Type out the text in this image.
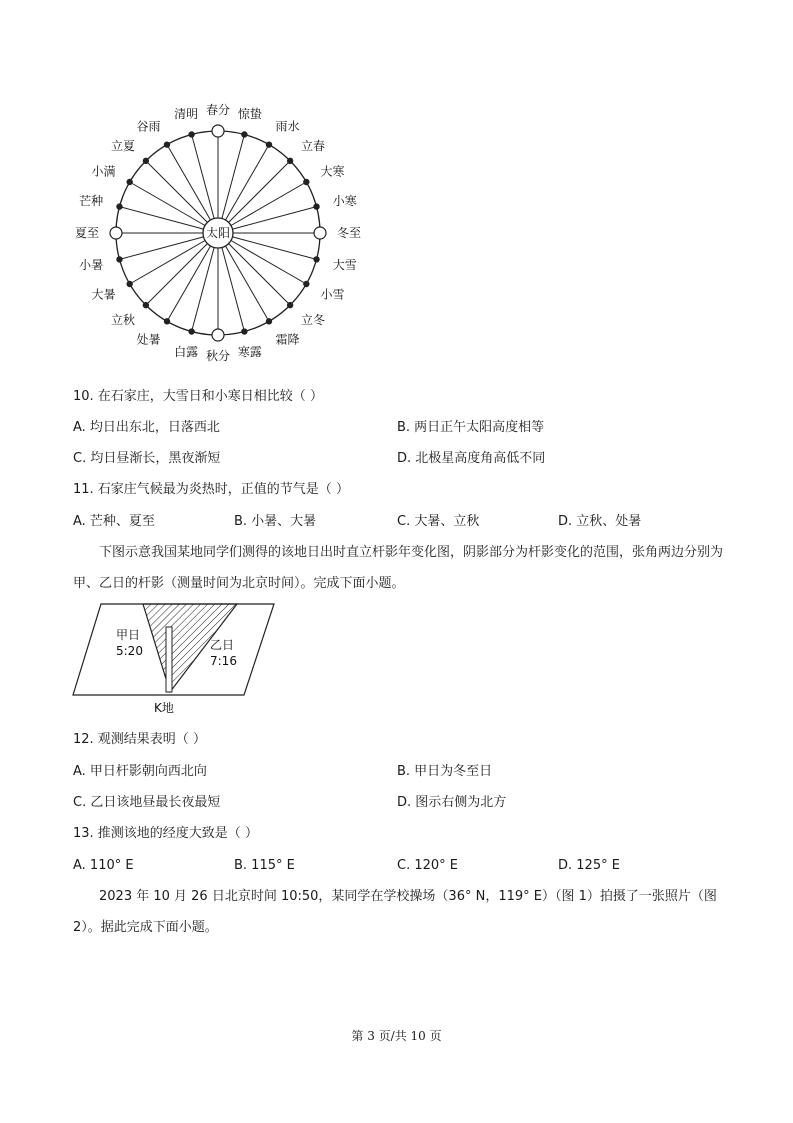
太阳	冬至
小寒
大寒
立春
雨水
惊蛰
春分
清明
谷雨
立夏
小满
芒种
夏至
小暑
大暑
立秋
处暑
白露 秋分 寒露
霜降
立冬
小雪
大雪
10. 在石家庄，大雪日和小寒日相比较（ ）
A. 均日出东北，日落西北	B. 两日正午太阳高度相等
C. 均日昼渐长，黑夜渐短	D. 北极星高度角高低不同
11. 石家庄气候最为炎热时，正值的节气是（ ）
A. 芒种、夏至	B. 小暑、大暑	C. 大暑、立秋	D. 立秋、处暑
下图示意我国某地同学们测得的该地日出时直立杆影年变化图，阴影部分为杆影变化的范围，张角两边分别为甲、乙日的杆影（测量时间为北京时间）。完成下面小题。
甲日
5:20	乙日
7:16
K地
12. 观测结果表明（ ）
A. 甲日杆影朝向西北向	B. 甲日为冬至日
C. 乙日该地昼最长夜最短	D. 图示右侧为北方
13. 推测该地的经度大致是（ ）
A. 110° E	B. 115° E	C. 120° E	D. 125° E
2023 年 10 月 26 日北京时间 10:50，某同学在学校操场（36° N，119° E）（图 1）拍摄了一张照片（图 2）。据此完成下面小题。
第 3 页/共 10 页
